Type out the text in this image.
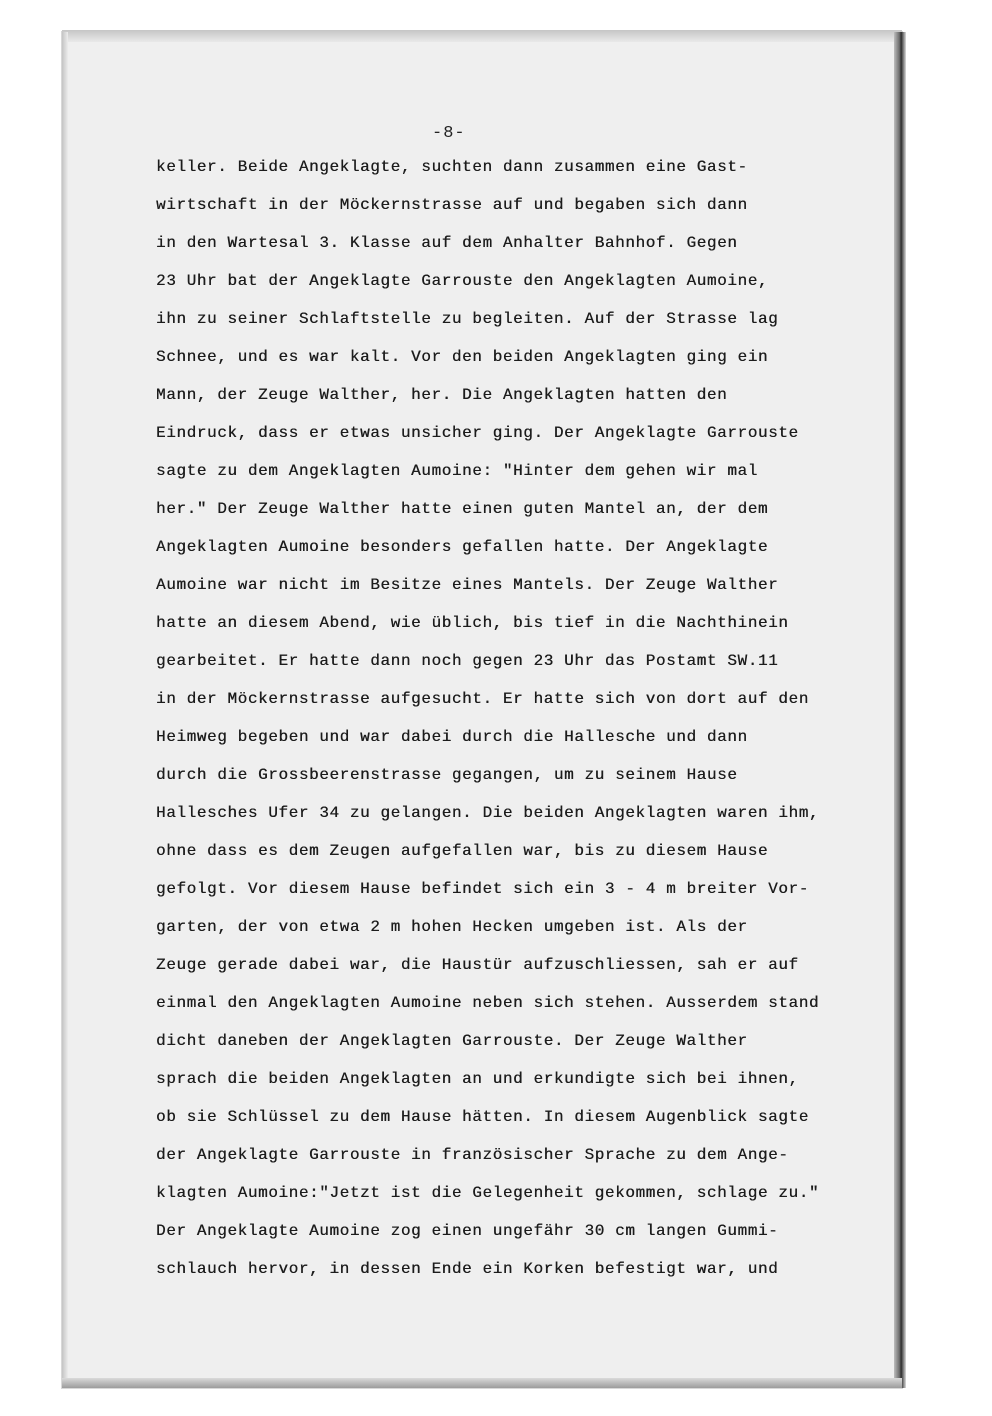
-8-
keller. Beide Angeklagte, suchten dann zusammen eine Gast-
wirtschaft in der Möckernstrasse auf und begaben sich dann
in den Wartesal 3. Klasse auf dem Anhalter Bahnhof. Gegen
23 Uhr bat der Angeklagte Garrouste den Angeklagten Aumoine,
ihn zu seiner Schlaftstelle zu begleiten. Auf der Strasse lag
Schnee, und es war kalt. Vor den beiden Angeklagten ging ein
Mann, der Zeuge Walther, her. Die Angeklagten hatten den
Eindruck, dass er etwas unsicher ging. Der Angeklagte Garrouste
sagte zu dem Angeklagten Aumoine: "Hinter dem gehen wir mal
her." Der Zeuge Walther hatte einen guten Mantel an, der dem
Angeklagten Aumoine besonders gefallen hatte. Der Angeklagte
Aumoine war nicht im Besitze eines Mantels. Der Zeuge Walther
hatte an diesem Abend, wie üblich, bis tief in die Nachthinein
gearbeitet. Er hatte dann noch gegen 23 Uhr das Postamt SW.11
in der Möckernstrasse aufgesucht. Er hatte sich von dort auf den
Heimweg begeben und war dabei durch die Hallesche und dann
durch die Grossbeerenstrasse gegangen, um zu seinem Hause
Hallesches Ufer 34 zu gelangen. Die beiden Angeklagten waren ihm,
ohne dass es dem Zeugen aufgefallen war, bis zu diesem Hause
gefolgt. Vor diesem Hause befindet sich ein 3 - 4 m breiter Vor-
garten, der von etwa 2 m hohen Hecken umgeben ist. Als der
Zeuge gerade dabei war, die Haustür aufzuschliessen, sah er auf
einmal den Angeklagten Aumoine neben sich stehen. Ausserdem stand
dicht daneben der Angeklagten Garrouste. Der Zeuge Walther
sprach die beiden Angeklagten an und erkundigte sich bei ihnen,
ob sie Schlüssel zu dem Hause hätten. In diesem Augenblick sagte
der Angeklagte Garrouste in französischer Sprache zu dem Ange-
klagten Aumoine:"Jetzt ist die Gelegenheit gekommen, schlage zu."
Der Angeklagte Aumoine zog einen ungefähr 30 cm langen Gummi-
schlauch hervor, in dessen Ende ein Korken befestigt war, und
